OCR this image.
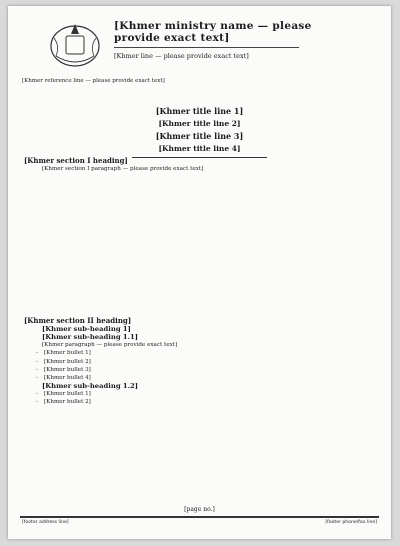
[Khmer ministry name — please provide exact text]
[Khmer line — please provide exact text]
[Khmer reference line — please provide exact text]
[Khmer title line 1]
[Khmer title line 2]
[Khmer title line 3]
[Khmer title line 4]
[Khmer section I heading]
[Khmer section I paragraph — please provide exact text]
[Khmer section II heading]
[Khmer sub-heading 1]
[Khmer sub-heading 1.1]
[Khmer paragraph — please provide exact text]
- [Khmer bullet 1]
- [Khmer bullet 2]
- [Khmer bullet 3]
- [Khmer bullet 4]
[Khmer sub-heading 1.2]
- [Khmer bullet 1]
- [Khmer bullet 2]
[page no.]
[footer address line]	[footer phone/fax line]
